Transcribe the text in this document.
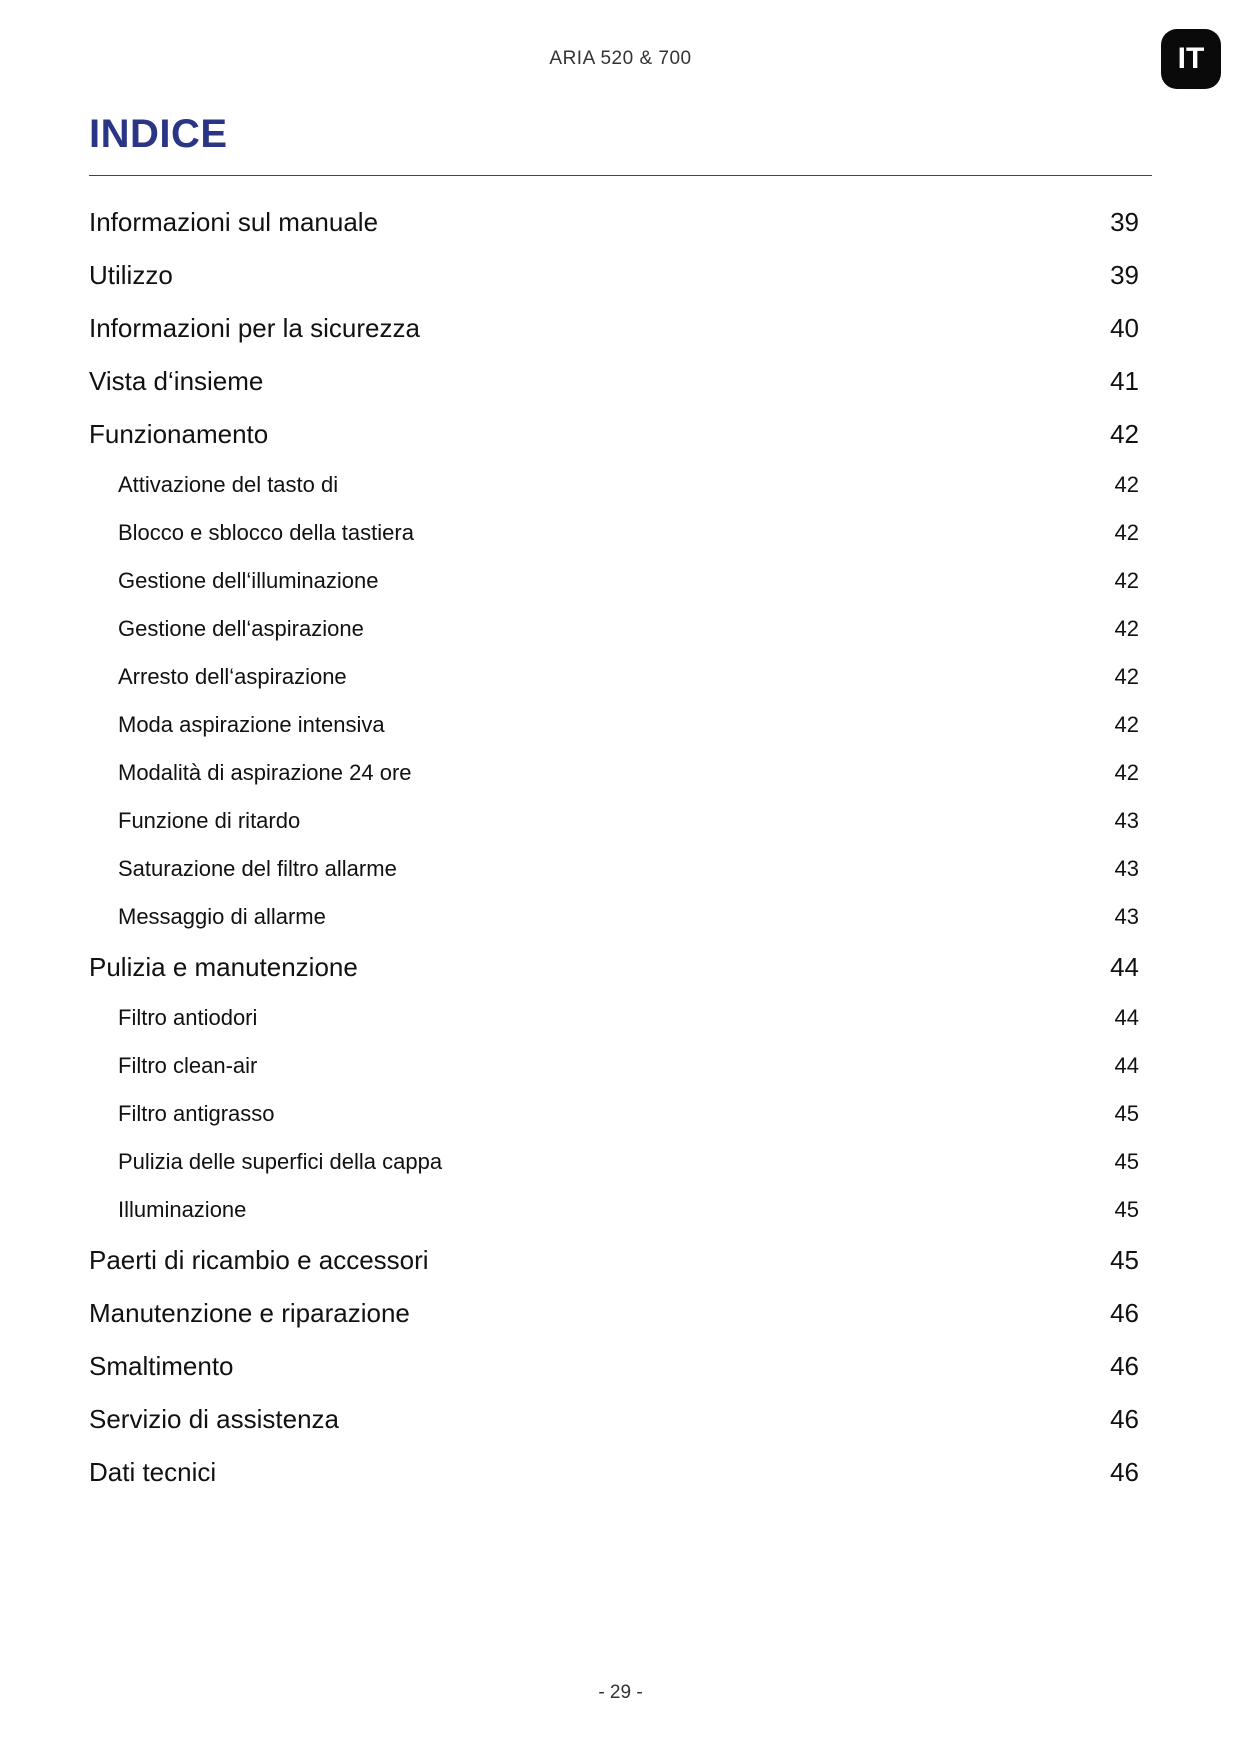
ARIA 520 & 700	IT
INDICE
Informazioni sul manuale	39
Utilizzo	39
Informazioni per la sicurezza	40
Vista d‘insieme	41
Funzionamento	42
Attivazione del tasto di	42
Blocco e sblocco della tastiera	42
Gestione dell‘illuminazione	42
Gestione dell‘aspirazione	42
Arresto dell‘aspirazione	42
Moda aspirazione intensiva	42
Modalità di aspirazione 24 ore	42
Funzione di ritardo	43
Saturazione del filtro allarme	43
Messaggio di allarme	43
Pulizia e manutenzione	44
Filtro antiodori	44
Filtro clean-air	44
Filtro antigrasso	45
Pulizia delle superfici della cappa	45
Illuminazione	45
Paerti di ricambio e accessori	45
Manutenzione e riparazione	46
Smaltimento	46
Servizio di assistenza	46
Dati tecnici	46
- 29 -
